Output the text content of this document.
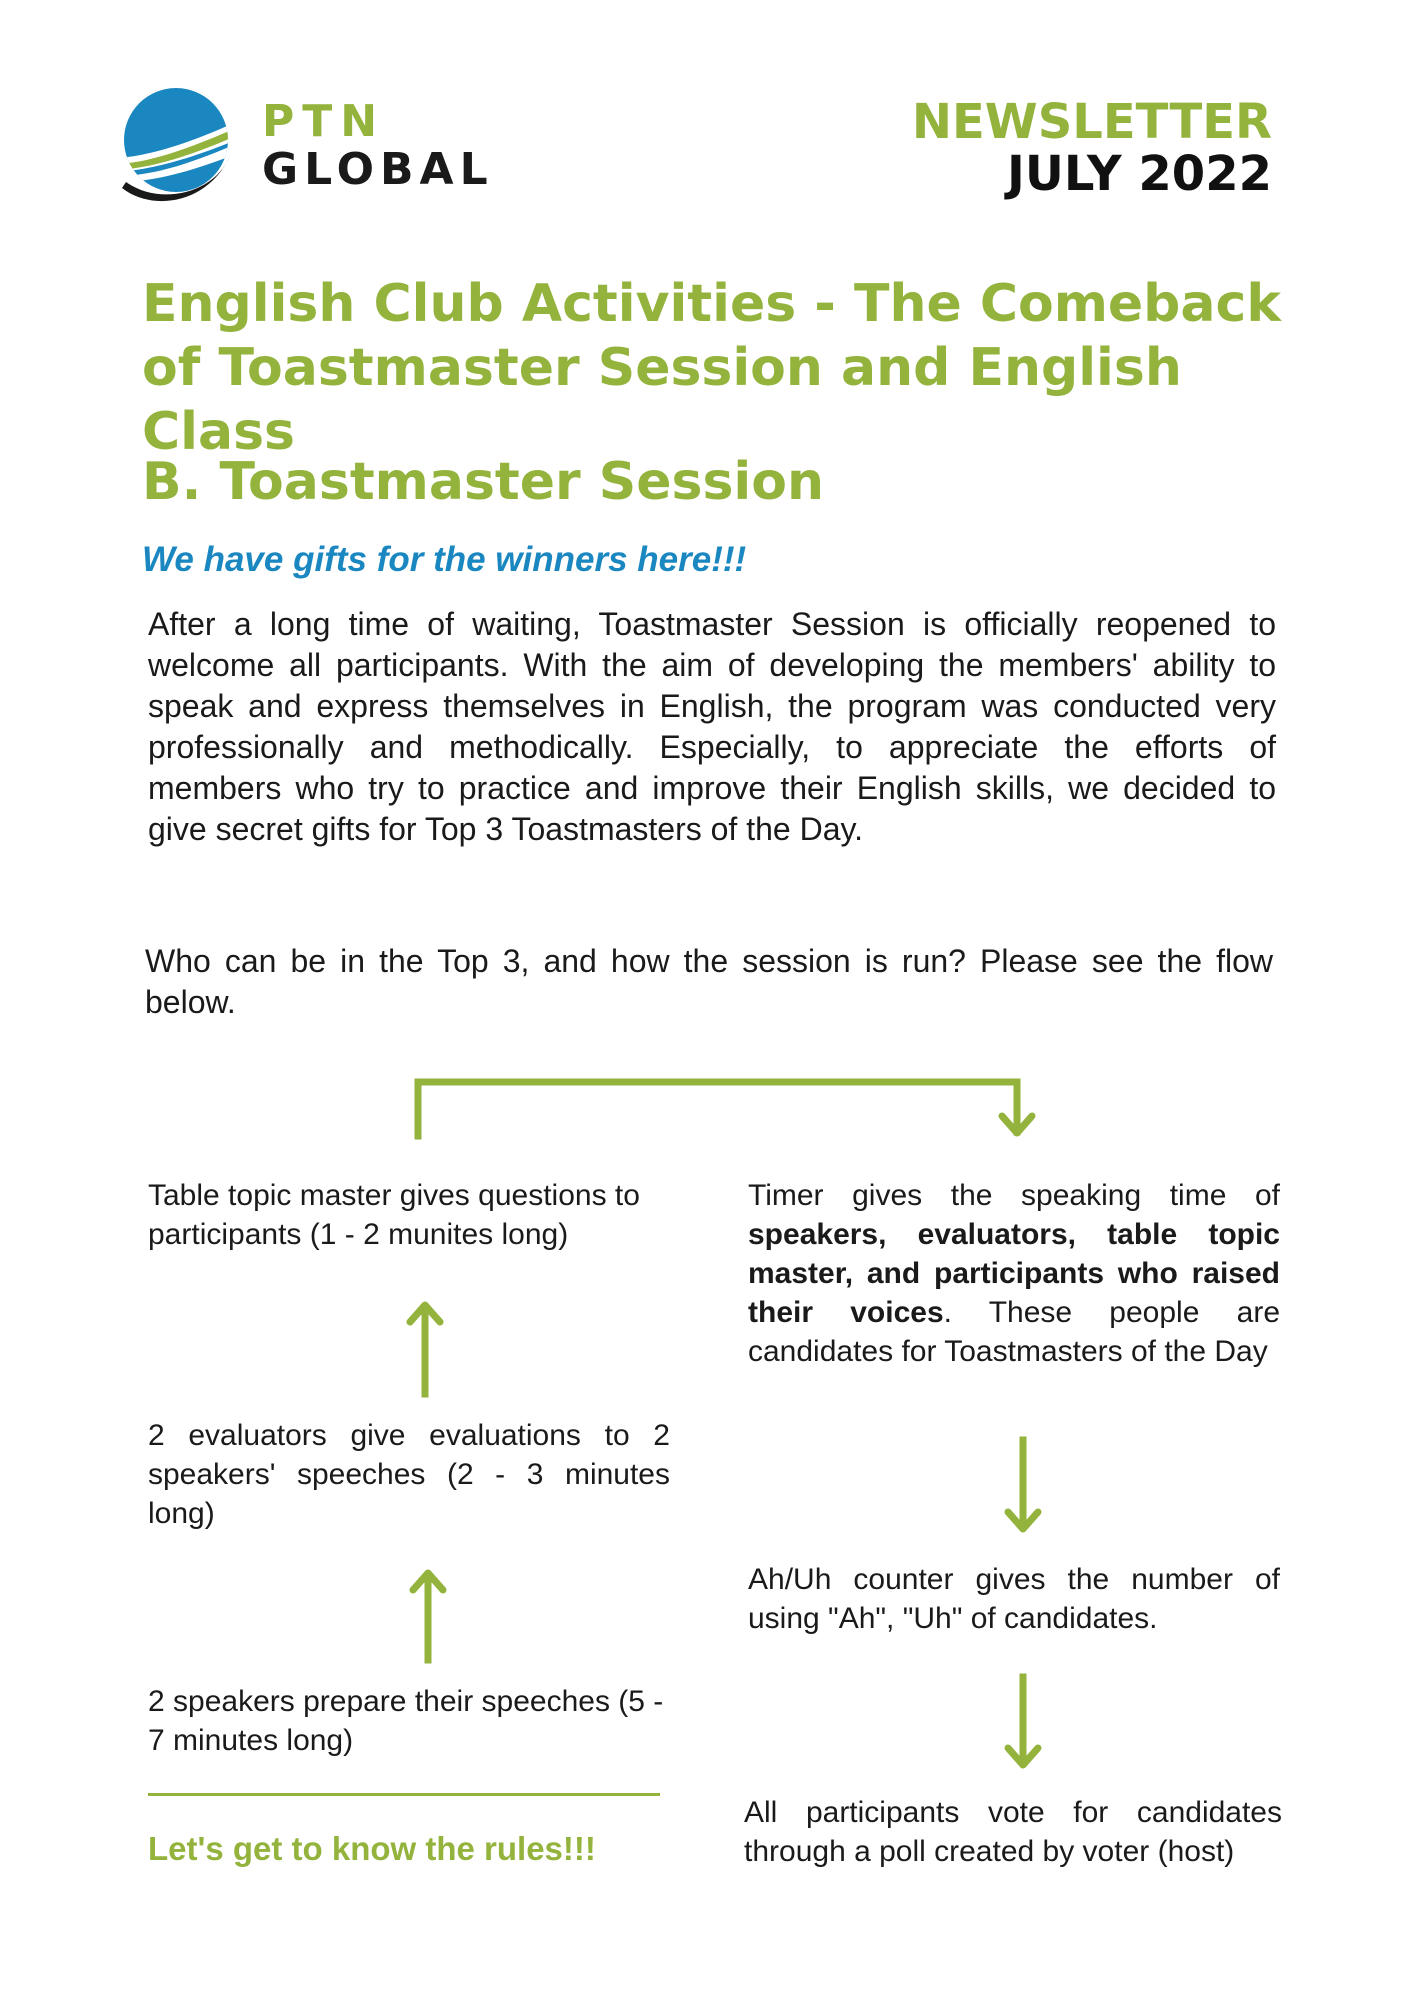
PTN
GLOBAL
NEWSLETTER
JULY 2022
English Club Activities - The Comeback of Toastmaster Session and English Class
B. Toastmaster Session
We have gifts for the winners here!!!
After a long time of waiting, Toastmaster Session is officially reopened to welcome all participants. With the aim of developing the members' ability to speak and express themselves in English, the program was conducted very professionally and methodically. Especially, to appreciate the efforts of members who try to practice and improve their English skills, we decided to give secret gifts for Top 3 Toastmasters of the Day.
Who can be in the Top 3, and how the session is run? Please see the flow below.
Table topic master gives questions to participants (1 - 2 munites long)
2 evaluators give evaluations to 2 speakers' speeches (2 - 3 minutes long)
2 speakers prepare their speeches (5 - 7 minutes long)
Timer gives the speaking time of speakers, evaluators, table topic master, and participants who raised their voices. These people are candidates for Toastmasters of the Day
Ah/Uh counter gives the number of using "Ah", "Uh" of candidates.
All participants vote for candidates through a poll created by voter (host)
Let's get to know the rules!!!
